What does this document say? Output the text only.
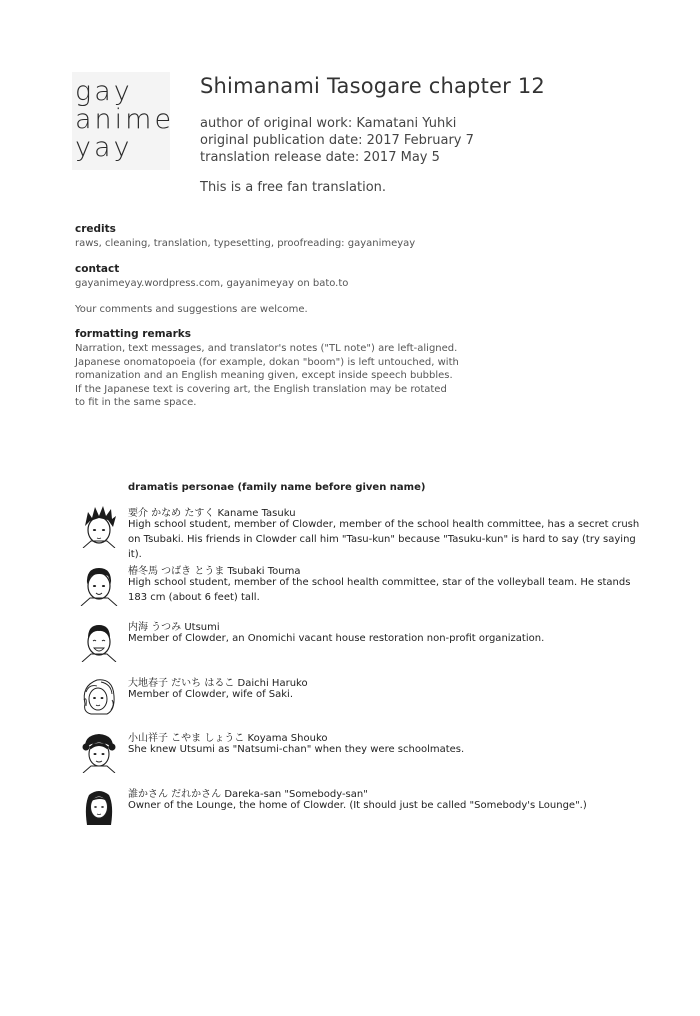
gay
anime
yay
Shimanami Tasogare chapter 12
author of original work: Kamatani Yuhki
original publication date: 2017 February 7
translation release date: 2017 May 5
This is a free fan translation.
credits
raws, cleaning, translation, typesetting, proofreading: gayanimeyay
contact
gayanimeyay.wordpress.com, gayanimeyay on bato.to
Your comments and suggestions are welcome.
formatting remarks
Narration, text messages, and translator's notes ("TL note") are left-aligned.
Japanese onomatopoeia (for example, dokan "boom") is left untouched, with
romanization and an English meaning given, except inside speech bubbles.
If the Japanese text is covering art, the English translation may be rotated
to fit in the same space.
dramatis personae (family name before given name)
要介 かなめ たすく Kaname Tasuku
High school student, member of Clowder, member of the school health committee, has a secret crush on Tsubaki. His friends in Clowder call him "Tasu-kun" because "Tasuku-kun" is hard to say (try saying it).
椿冬馬 つばき とうま Tsubaki Touma
High school student, member of the school health committee, star of the volleyball team. He stands 183 cm (about 6 feet) tall.
内海 うつみ Utsumi
Member of Clowder, an Onomichi vacant house restoration non-profit organization.
大地春子 だいち はるこ Daichi Haruko
Member of Clowder, wife of Saki.
小山祥子 こやま しょうこ Koyama Shouko
She knew Utsumi as "Natsumi-chan" when they were schoolmates.
誰かさん だれかさん Dareka-san "Somebody-san"
Owner of the Lounge, the home of Clowder. (It should just be called "Somebody's Lounge".)
